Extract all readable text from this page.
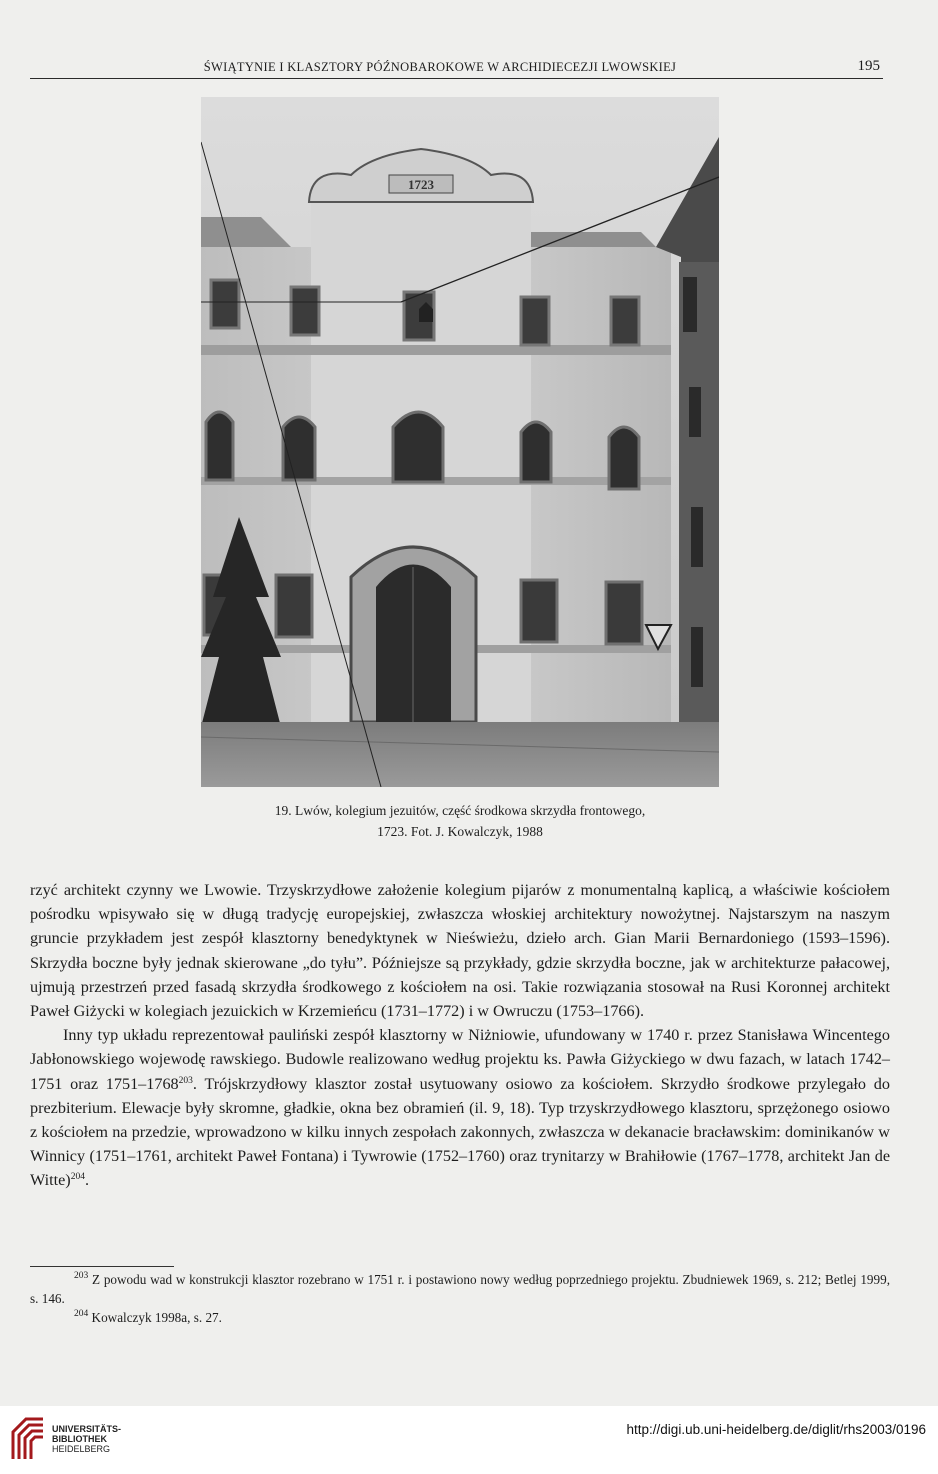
ŚWIĄTYNIE I KLASZTORY PÓŹNOBAROKOWE W ARCHIDIECEZJI LWOWSKIEJ	195
1723
19. Lwów, kolegium jezuitów, część środkowa skrzydła frontowego,
1723. Fot. J. Kowalczyk, 1988

rzyć architekt czynny we Lwowie. Trzyskrzydłowe założenie kolegium pijarów z monumentalną kaplicą, a właściwie kościołem pośrodku wpisywało się w długą tradycję europejskiej, zwłaszcza włoskiej architektury nowożytnej. Najstarszym na naszym gruncie przykładem jest zespół klasztorny benedyktynek w Nieświeżu, dzieło arch. Gian Marii Bernardoniego (1593–1596). Skrzydła boczne były jednak skierowane „do tyłu”. Późniejsze są przykłady, gdzie skrzydła boczne, jak w architekturze pałacowej, ujmują przestrzeń przed fasadą skrzydła środkowego z kościołem na osi. Takie rozwiązania stosował na Rusi Koronnej architekt Paweł Giżycki w kolegiach jezuickich w Krzemieńcu (1731–1772) i w Owruczu (1753–1766).

Inny typ układu reprezentował pauliński zespół klasztorny w Niżniowie, ufundowany w 1740 r. przez Stanisława Wincentego Jabłonowskiego wojewodę rawskiego. Budowle realizowano według projektu ks. Pawła Giżyckiego w dwu fazach, w latach 1742–1751 oraz 1751–1768$^{203}$. Trójskrzydłowy klasztor został usytuowany osiowo za kościołem. Skrzydło środkowe przylegało do prezbiterium. Elewacje były skromne, gładkie, okna bez obramień (il. 9, 18). Typ trzyskrzydłowego klasztoru, sprzężonego osiowo z kościołem na przedzie, wprowadzono w kilku innych zespołach zakonnych, zwłaszcza w dekanacie bracławskim: dominikanów w Winnicy (1751–1761, architekt Paweł Fontana) i Tywrowie (1752–1760) oraz trynitarzy w Brahiłowie (1767–1778, architekt Jan de Witte)$^{204}$.

$^{203}$ Z powodu wad w konstrukcji klasztor rozebrano w 1751 r. i postawiono nowy według poprzedniego projektu. Zbudniewek 1969, s. 212; Betlej 1999, s. 146.

$^{204}$ Kowalczyk 1998a, s. 27.

UNIVERSITÄTS-
BIBLIOTHEK
HEIDELBERG
http://digi.ub.uni-heidelberg.de/diglit/rhs2003/0196
